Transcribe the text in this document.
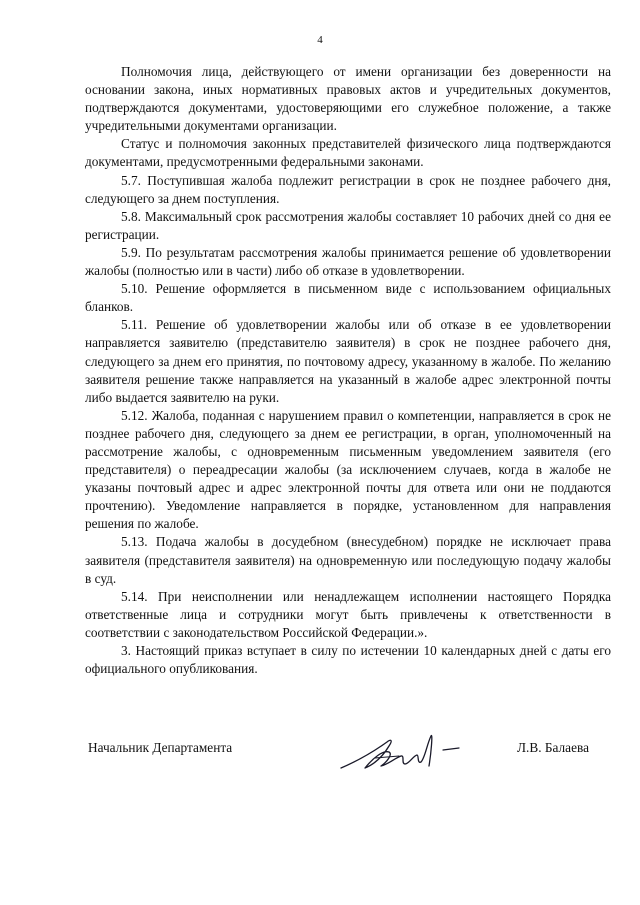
4

Полномочия лица, действующего от имени организации без доверенности на основании закона, иных нормативных правовых актов и учредительных документов, подтверждаются документами, удостоверяющими его служебное положение, а также учредительными документами организации.

Статус и полномочия законных представителей физического лица подтверждаются документами, предусмотренными федеральными законами.

5.7. Поступившая жалоба подлежит регистрации в срок не позднее рабочего дня, следующего за днем поступления.

5.8. Максимальный срок рассмотрения жалобы составляет 10 рабочих дней со дня ее регистрации.

5.9. По результатам рассмотрения жалобы принимается решение об удовлетворении жалобы (полностью или в части) либо об отказе в удовлетворении.

5.10. Решение оформляется в письменном виде с использованием официальных бланков.

5.11. Решение об удовлетворении жалобы или об отказе в ее удовлетворении направляется заявителю (представителю заявителя) в срок не позднее рабочего дня, следующего за днем его принятия, по почтовому адресу, указанному в жалобе. По желанию заявителя решение также направляется на указанный в жалобе адрес электронной почты либо выдается заявителю на руки.

5.12. Жалоба, поданная с нарушением правил о компетенции, направляется в срок не позднее рабочего дня, следующего за днем ее регистрации, в орган, уполномоченный на рассмотрение жалобы, с одновременным письменным уведомлением заявителя (его представителя) о переадресации жалобы (за исключением случаев, когда в жалобе не указаны почтовый адрес и адрес электронной почты для ответа или они не поддаются прочтению). Уведомление направляется в порядке, установленном для направления решения по жалобе.

5.13. Подача жалобы в досудебном (внесудебном) порядке не исключает права заявителя (представителя заявителя) на одновременную или последующую подачу жалобы в суд.

5.14. При неисполнении или ненадлежащем исполнении настоящего Порядка ответственные лица и сотрудники могут быть привлечены к ответственности в соответствии с законодательством Российской Федерации.».

3. Настоящий приказ вступает в силу по истечении 10 календарных дней с даты его официального опубликования.

Начальник Департамента	Л.В. Балаева
